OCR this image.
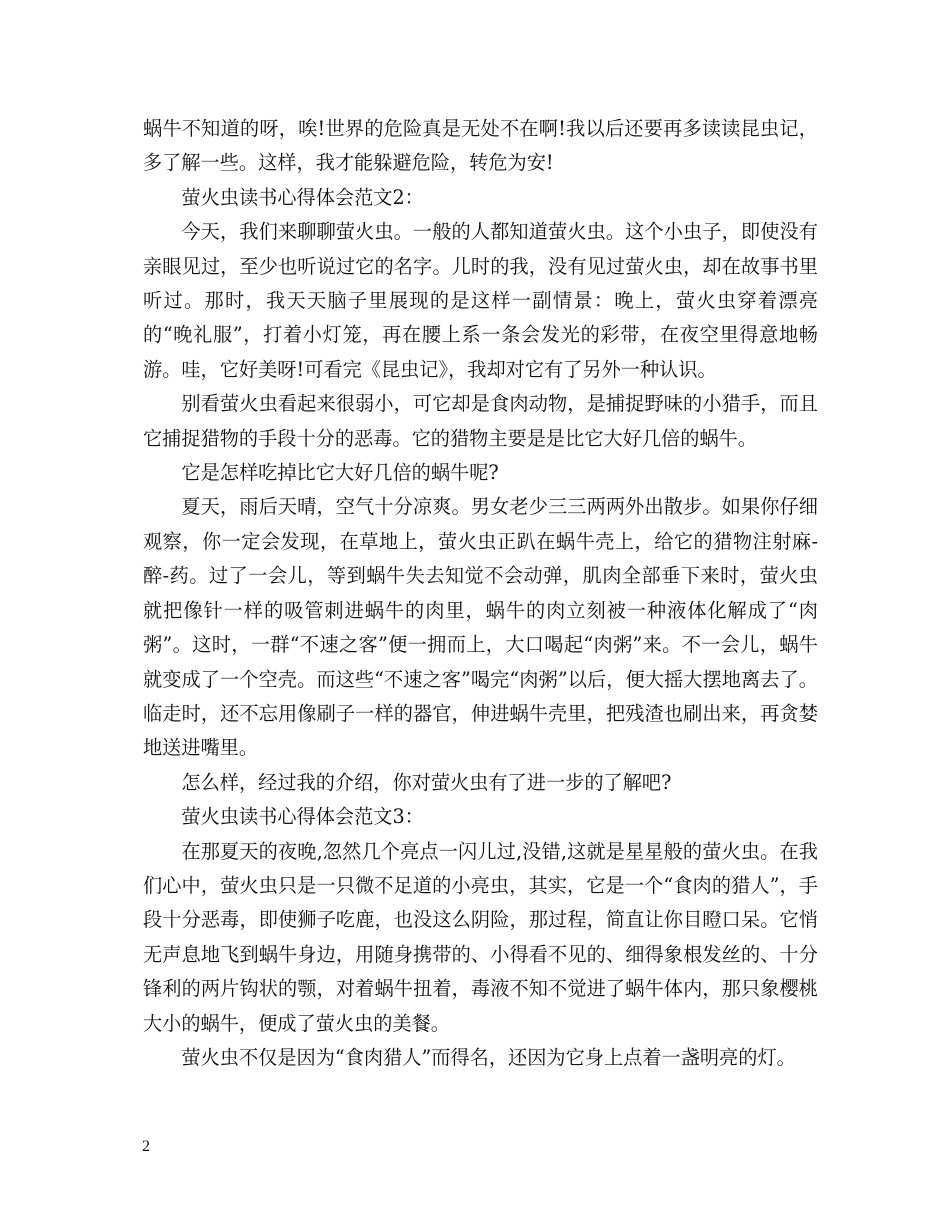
蜗牛不知道的呀，唉!世界的危险真是无处不在啊!我以后还要再多读读昆虫记，多了解一些。这样，我才能躲避危险，转危为安!

萤火虫读书心得体会范文2：

今天，我们来聊聊萤火虫。一般的人都知道萤火虫。这个小虫子，即使没有亲眼见过，至少也听说过它的名字。儿时的我，没有见过萤火虫，却在故事书里听过。那时，我天天脑子里展现的是这样一副情景：晚上，萤火虫穿着漂亮的“晚礼服”，打着小灯笼，再在腰上系一条会发光的彩带，在夜空里得意地畅游。哇，它好美呀!可看完《昆虫记》，我却对它有了另外一种认识。

别看萤火虫看起来很弱小，可它却是食肉动物，是捕捉野味的小猎手，而且它捕捉猎物的手段十分的恶毒。它的猎物主要是是比它大好几倍的蜗牛。

它是怎样吃掉比它大好几倍的蜗牛呢?

夏天，雨后天晴，空气十分凉爽。男女老少三三两两外出散步。如果你仔细观察，你一定会发现，在草地上，萤火虫正趴在蜗牛壳上，给它的猎物注射麻-醉-药。过了一会儿，等到蜗牛失去知觉不会动弹，肌肉全部垂下来时，萤火虫就把像针一样的吸管刺进蜗牛的肉里，蜗牛的肉立刻被一种液体化解成了“肉粥”。这时，一群“不速之客”便一拥而上，大口喝起“肉粥”来。不一会儿，蜗牛就变成了一个空壳。而这些“不速之客”喝完“肉粥”以后，便大摇大摆地离去了。临走时，还不忘用像刷子一样的器官，伸进蜗牛壳里，把残渣也刷出来，再贪婪地送进嘴里。

怎么样，经过我的介绍，你对萤火虫有了进一步的了解吧?

萤火虫读书心得体会范文3：

在那夏天的夜晚,忽然几个亮点一闪儿过,没错,这就是星星般的萤火虫。在我们心中，萤火虫只是一只微不足道的小亮虫，其实，它是一个“食肉的猎人”，手段十分恶毒，即使狮子吃鹿，也没这么阴险，那过程，简直让你目瞪口呆。它悄无声息地飞到蜗牛身边，用随身携带的、小得看不见的、细得象根发丝的、十分锋利的两片钩状的颚，对着蜗牛扭着，毒液不知不觉进了蜗牛体内，那只象樱桃大小的蜗牛，便成了萤火虫的美餐。

萤火虫不仅是因为“食肉猎人”而得名，还因为它身上点着一盏明亮的灯。

2
